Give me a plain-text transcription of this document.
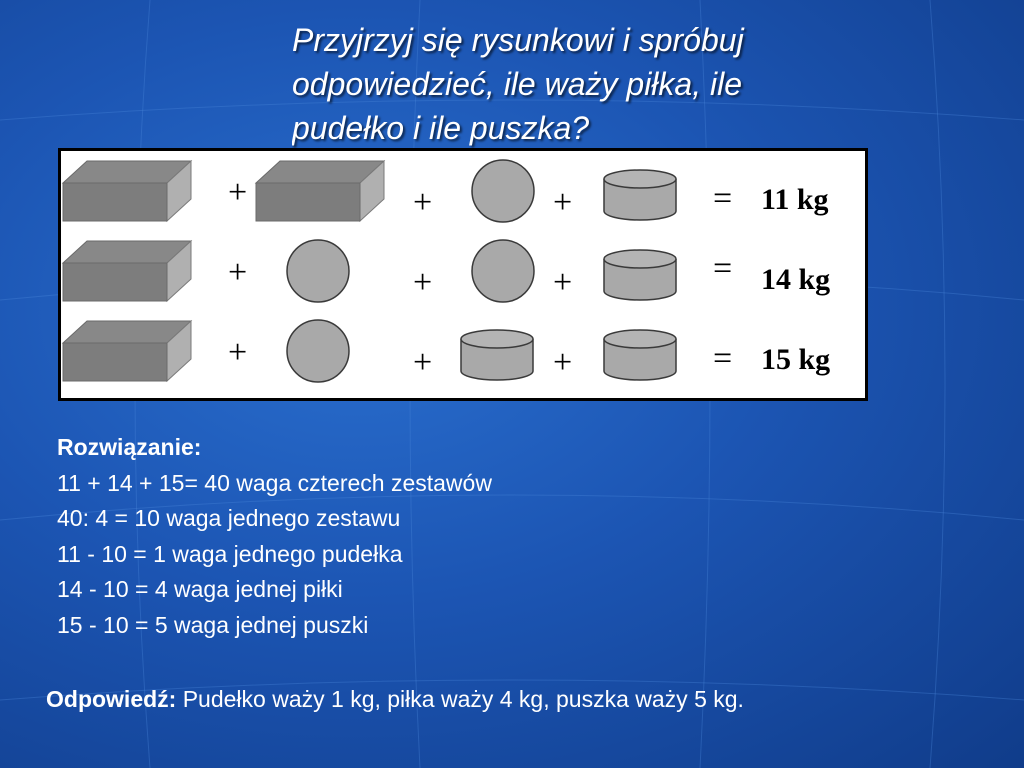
Przyjrzyj się rysunkowi i spróbuj
odpowiedzieć, ile waży piłka, ile
pudełko i ile puszka?
+	+	+	= 11 kg
+	+	+	= 14 kg
+	+	+	= 15 kg
Rozwiązanie:
11 + 14 + 15= 40 waga czterech zestawów
40: 4 = 10 waga jednego zestawu
11 - 10 = 1 waga jednego pudełka
14 - 10 = 4 waga jednej piłki
15 - 10 = 5 waga jednej puszki
Odpowiedź: Pudełko waży 1 kg, piłka waży 4 kg, puszka waży 5 kg.
